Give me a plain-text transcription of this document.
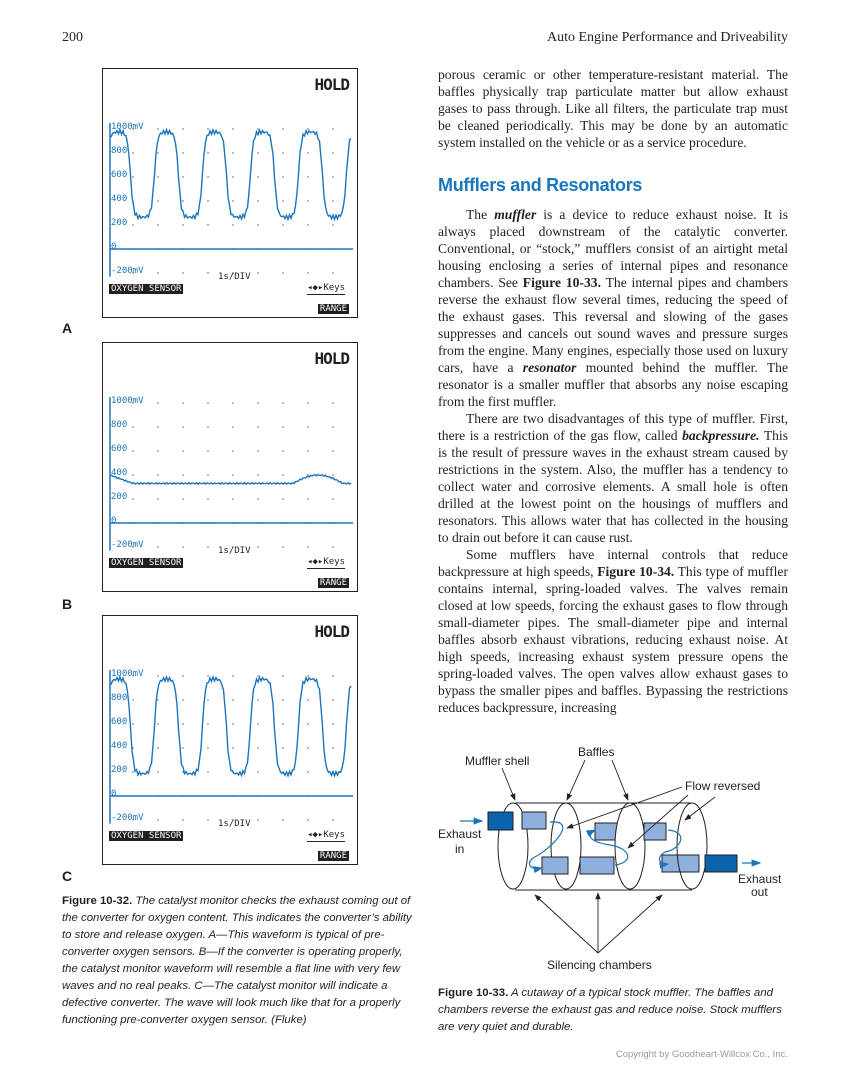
200	Auto Engine Performance and Driveability
HOLD
1000mV
800
600
400
200
0
-200mV
1s/DIV
OXYGEN SENSOR	◂◆▸Keys
RANGE
A
HOLD
1000mV
800
600
400
200
0
-200mV
1s/DIV
OXYGEN SENSOR	◂◆▸Keys
RANGE
B
HOLD
1000mV
800
600
400
200
0
-200mV
1s/DIV
OXYGEN SENSOR	◂◆▸Keys
RANGE
C
Figure 10-32. The catalyst monitor checks the exhaust coming out of the converter for oxygen content. This indicates the converter’s ability to store and release oxygen. A—This waveform is typical of pre-converter oxygen sensors. B—If the converter is operating properly, the catalyst monitor waveform will resemble a flat line with very few waves and no real peaks. C—The catalyst monitor will indicate a defective converter. The wave will look much like that for a properly functioning pre-converter oxygen sensor. (Fluke)

porous ceramic or other temperature-resistant material. The baffles physically trap particulate matter but allow exhaust gases to pass through. Like all filters, the particulate trap must be cleaned periodically. This may be done by an automatic system installed on the vehicle or as a service procedure.

Mufflers and Resonators

The muffler is a device to reduce exhaust noise. It is always placed downstream of the catalytic converter. Conventional, or “stock,” mufflers consist of an airtight metal housing enclosing a series of internal pipes and resonance chambers. See Figure 10-33. The internal pipes and chambers reverse the exhaust flow several times, reducing the speed of the exhaust gases. This reversal and slowing of the gases suppresses and cancels out sound waves and pressure surges from the engine. Many engines, especially those used on luxury cars, have a resonator mounted behind the muffler. The resonator is a smaller muffler that absorbs any noise escaping from the first muffler.

There are two disadvantages of this type of muffler. First, there is a restriction of the gas flow, called backpressure. This is the result of pressure waves in the exhaust stream caused by restrictions in the system. Also, the muffler has a tendency to collect water and corrosive elements. A small hole is often drilled at the lowest point on the housings of mufflers and resonators. This allows water that has collected in the housing to drain out before it can cause rust.

Some mufflers have internal controls that reduce backpressure at high speeds, Figure 10-34. This type of muffler contains internal, spring-loaded valves. The valves remain closed at low speeds, forcing the exhaust gases to flow through small-diameter pipes. The small-diameter pipe and internal baffles absorb exhaust vibrations, reducing exhaust noise. At high speeds, increasing exhaust system pressure opens the spring-loaded valves. The open valves allow exhaust gases to bypass the smaller pipes and baffles. Bypassing the restrictions reduces backpressure, increasing

Baffles
Muffler shell
Flow reversed
Exhaust
in
Exhaust
out
Silencing chambers
Figure 10-33. A cutaway of a typical stock muffler. The baffles and chambers reverse the exhaust gas and reduce noise. Stock mufflers are very quiet and durable.
Copyright by Goodheart-Willcox Co., Inc.
